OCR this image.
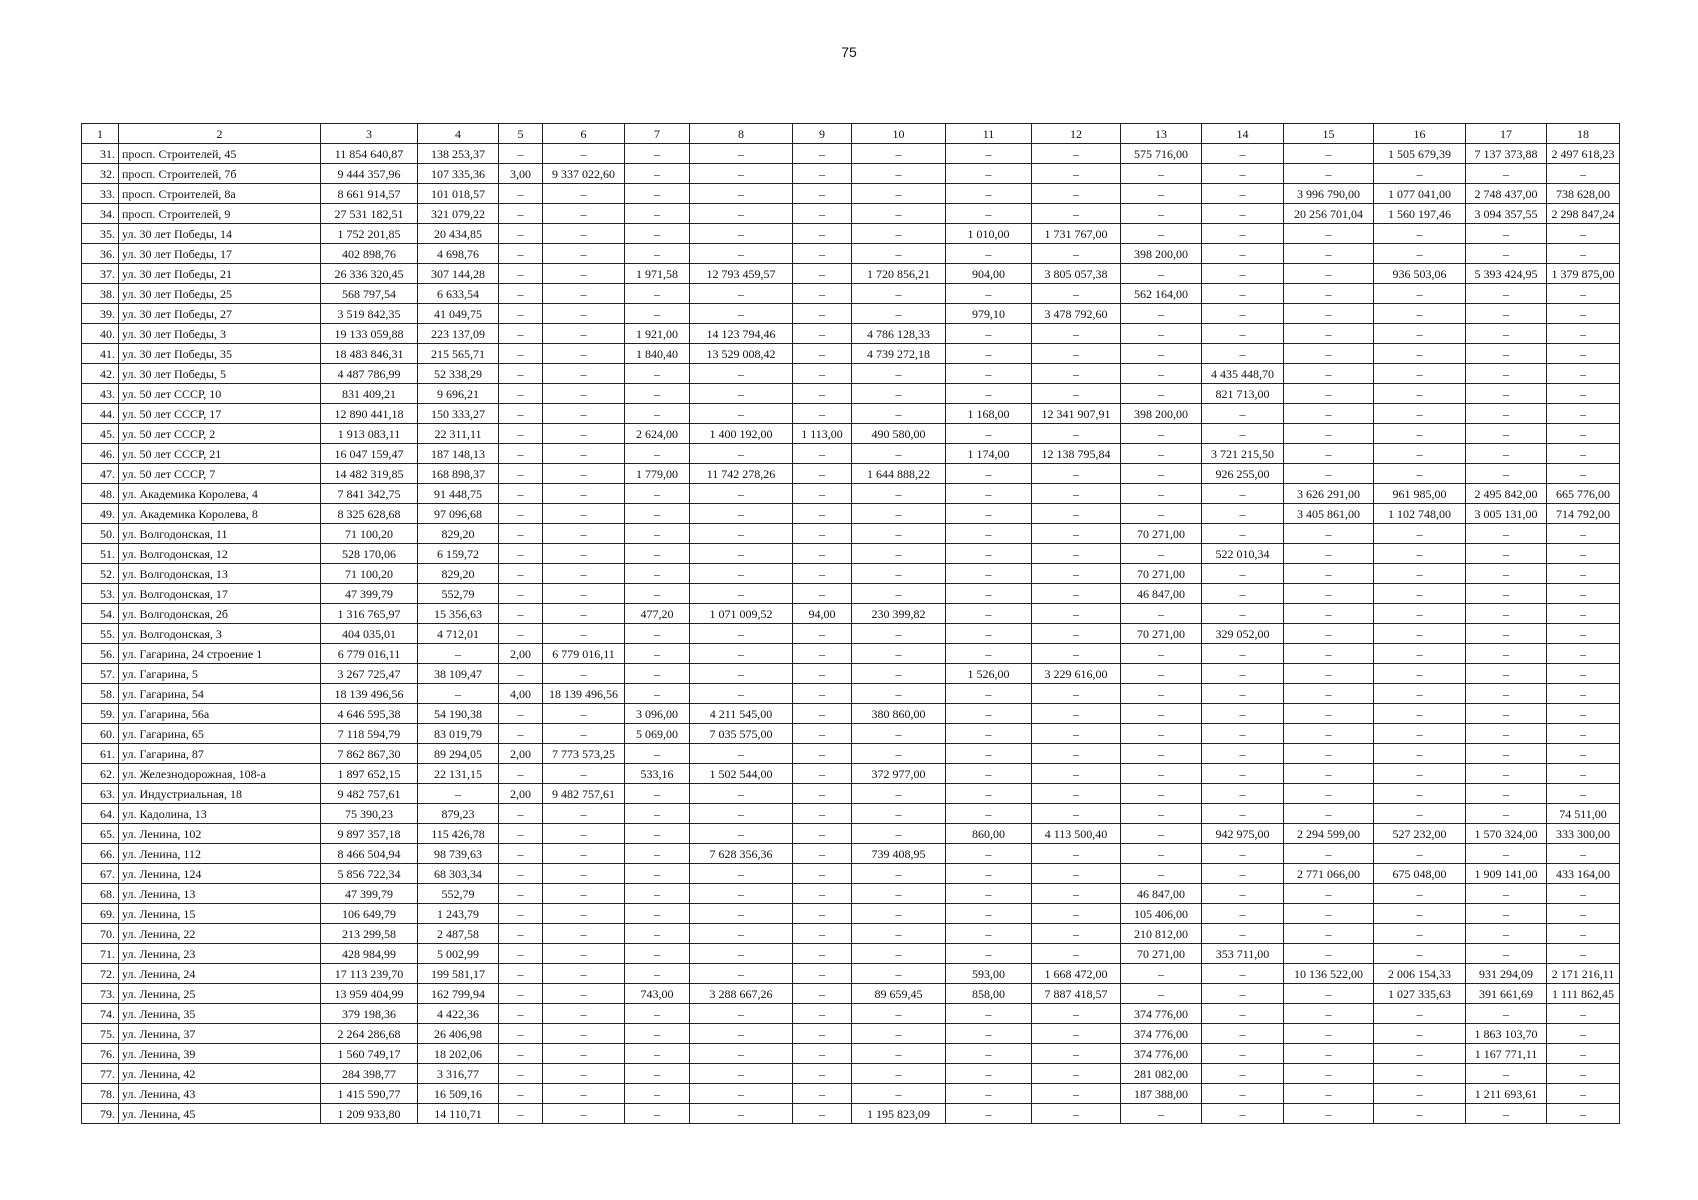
75
1	2	3	4	5	6	7	8	9	10	11	12	13	14	15	16	17	18
31.	просп. Строителей, 45	11 854 640,87	138 253,37	–	–	–	–	–	–	–	–	575 716,00	–	–	1 505 679,39	7 137 373,88	2 497 618,23
32.	просп. Строителей, 7б	9 444 357,96	107 335,36	3,00	9 337 022,60	–	–	–	–	–	–	–	–	–	–	–	–
33.	просп. Строителей, 8а	8 661 914,57	101 018,57	–	–	–	–	–	–	–	–	–	–	3 996 790,00	1 077 041,00	2 748 437,00	738 628,00
34.	просп. Строителей, 9	27 531 182,51	321 079,22	–	–	–	–	–	–	–	–	–	–	20 256 701,04	1 560 197,46	3 094 357,55	2 298 847,24
35.	ул. 30 лет Победы, 14	1 752 201,85	20 434,85	–	–	–	–	–	–	1 010,00	1 731 767,00	–	–	–	–	–	–
36.	ул. 30 лет Победы, 17	402 898,76	4 698,76	–	–	–	–	–	–	–	–	398 200,00	–	–	–	–	–
37.	ул. 30 лет Победы, 21	26 336 320,45	307 144,28	–	–	1 971,58	12 793 459,57	–	1 720 856,21	904,00	3 805 057,38	–	–	–	936 503,06	5 393 424,95	1 379 875,00
38.	ул. 30 лет Победы, 25	568 797,54	6 633,54	–	–	–	–	–	–	–	–	562 164,00	–	–	–	–	–
39.	ул. 30 лет Победы, 27	3 519 842,35	41 049,75	–	–	–	–	–	–	979,10	3 478 792,60	–	–	–	–	–	–
40.	ул. 30 лет Победы, 3	19 133 059,88	223 137,09	–	–	1 921,00	14 123 794,46	–	4 786 128,33	–	–	–	–	–	–	–	–
41.	ул. 30 лет Победы, 35	18 483 846,31	215 565,71	–	–	1 840,40	13 529 008,42	–	4 739 272,18	–	–	–	–	–	–	–	–
42.	ул. 30 лет Победы, 5	4 487 786,99	52 338,29	–	–	–	–	–	–	–	–	–	4 435 448,70	–	–	–	–
43.	ул. 50 лет СССР, 10	831 409,21	9 696,21	–	–	–	–	–	–	–	–	–	821 713,00	–	–	–	–
44.	ул. 50 лет СССР, 17	12 890 441,18	150 333,27	–	–	–	–	–	–	1 168,00	12 341 907,91	398 200,00	–	–	–	–	–
45.	ул. 50 лет СССР, 2	1 913 083,11	22 311,11	–	–	2 624,00	1 400 192,00	1 113,00	490 580,00	–	–	–	–	–	–	–	–
46.	ул. 50 лет СССР, 21	16 047 159,47	187 148,13	–	–	–	–	–	–	1 174,00	12 138 795,84	–	3 721 215,50	–	–	–	–
47.	ул. 50 лет СССР, 7	14 482 319,85	168 898,37	–	–	1 779,00	11 742 278,26	–	1 644 888,22	–	–	–	926 255,00	–	–	–	–
48.	ул. Академика Королева, 4	7 841 342,75	91 448,75	–	–	–	–	–	–	–	–	–	–	3 626 291,00	961 985,00	2 495 842,00	665 776,00
49.	ул. Академика Королева, 8	8 325 628,68	97 096,68	–	–	–	–	–	–	–	–	–	–	3 405 861,00	1 102 748,00	3 005 131,00	714 792,00
50.	ул. Волгодонская, 11	71 100,20	829,20	–	–	–	–	–	–	–	–	70 271,00	–	–	–	–	–
51.	ул. Волгодонская, 12	528 170,06	6 159,72	–	–	–	–	–	–	–	–	–	522 010,34	–	–	–	–
52.	ул. Волгодонская, 13	71 100,20	829,20	–	–	–	–	–	–	–	–	70 271,00	–	–	–	–	–
53.	ул. Волгодонская, 17	47 399,79	552,79	–	–	–	–	–	–	–	–	46 847,00	–	–	–	–	–
54.	ул. Волгодонская, 2б	1 316 765,97	15 356,63	–	–	477,20	1 071 009,52	94,00	230 399,82	–	–	–	–	–	–	–	–
55.	ул. Волгодонская, 3	404 035,01	4 712,01	–	–	–	–	–	–	–	–	70 271,00	329 052,00	–	–	–	–
56.	ул. Гагарина, 24 строение 1	6 779 016,11	–	2,00	6 779 016,11	–	–	–	–	–	–	–	–	–	–	–	–
57.	ул. Гагарина, 5	3 267 725,47	38 109,47	–	–	–	–	–	–	1 526,00	3 229 616,00	–	–	–	–	–	–
58.	ул. Гагарина, 54	18 139 496,56	–	4,00	18 139 496,56	–	–	–	–	–	–	–	–	–	–	–	–
59.	ул. Гагарина, 56а	4 646 595,38	54 190,38	–	–	3 096,00	4 211 545,00	–	380 860,00	–	–	–	–	–	–	–	–
60.	ул. Гагарина, 65	7 118 594,79	83 019,79	–	–	5 069,00	7 035 575,00	–	–	–	–	–	–	–	–	–	–
61.	ул. Гагарина, 87	7 862 867,30	89 294,05	2,00	7 773 573,25	–	–	–	–	–	–	–	–	–	–	–	–
62.	ул. Железнодорожная, 108-а	1 897 652,15	22 131,15	–	–	533,16	1 502 544,00	–	372 977,00	–	–	–	–	–	–	–	–
63.	ул. Индустриальная, 18	9 482 757,61	–	2,00	9 482 757,61	–	–	–	–	–	–	–	–	–	–	–	–
64.	ул. Кадолина, 13	75 390,23	879,23	–	–	–	–	–	–	–	–	–	–	–	–	–	74 511,00
65.	ул. Ленина, 102	9 897 357,18	115 426,78	–	–	–	–	–	–	860,00	4 113 500,40	–	942 975,00	2 294 599,00	527 232,00	1 570 324,00	333 300,00
66.	ул. Ленина, 112	8 466 504,94	98 739,63	–	–	–	7 628 356,36	–	739 408,95	–	–	–	–	–	–	–	–
67.	ул. Ленина, 124	5 856 722,34	68 303,34	–	–	–	–	–	–	–	–	–	–	2 771 066,00	675 048,00	1 909 141,00	433 164,00
68.	ул. Ленина, 13	47 399,79	552,79	–	–	–	–	–	–	–	–	46 847,00	–	–	–	–	–
69.	ул. Ленина, 15	106 649,79	1 243,79	–	–	–	–	–	–	–	–	105 406,00	–	–	–	–	–
70.	ул. Ленина, 22	213 299,58	2 487,58	–	–	–	–	–	–	–	–	210 812,00	–	–	–	–	–
71.	ул. Ленина, 23	428 984,99	5 002,99	–	–	–	–	–	–	–	–	70 271,00	353 711,00	–	–	–	–
72.	ул. Ленина, 24	17 113 239,70	199 581,17	–	–	–	–	–	–	593,00	1 668 472,00	–	–	10 136 522,00	2 006 154,33	931 294,09	2 171 216,11
73.	ул. Ленина, 25	13 959 404,99	162 799,94	–	–	743,00	3 288 667,26	–	89 659,45	858,00	7 887 418,57	–	–	–	1 027 335,63	391 661,69	1 111 862,45
74.	ул. Ленина, 35	379 198,36	4 422,36	–	–	–	–	–	–	–	–	374 776,00	–	–	–	–	–
75.	ул. Ленина, 37	2 264 286,68	26 406,98	–	–	–	–	–	–	–	–	374 776,00	–	–	–	1 863 103,70	–
76.	ул. Ленина, 39	1 560 749,17	18 202,06	–	–	–	–	–	–	–	–	374 776,00	–	–	–	1 167 771,11	–
77.	ул. Ленина, 42	284 398,77	3 316,77	–	–	–	–	–	–	–	–	281 082,00	–	–	–	–	–
78.	ул. Ленина, 43	1 415 590,77	16 509,16	–	–	–	–	–	–	–	–	187 388,00	–	–	–	1 211 693,61	–
79.	ул. Ленина, 45	1 209 933,80	14 110,71	–	–	–	–	–	1 195 823,09	–	–	–	–	–	–	–	–
